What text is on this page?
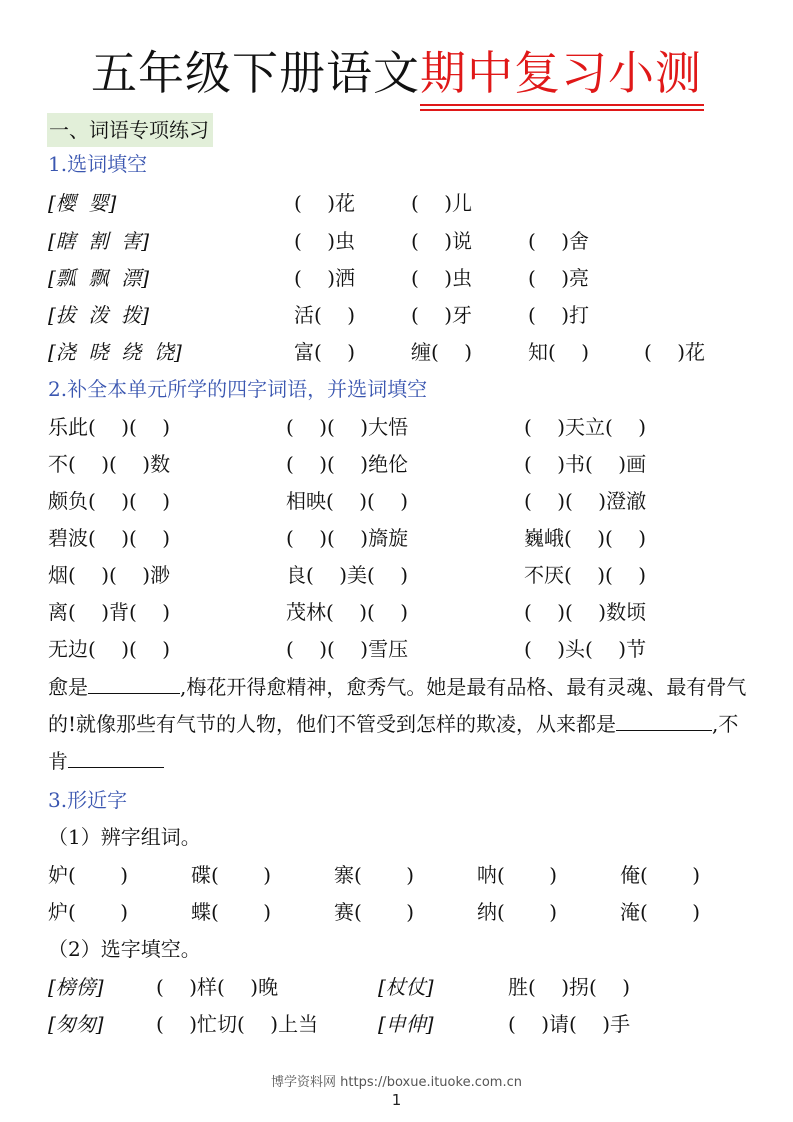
五年级下册语文期中复习小测
一、词语专项练习
1.选词填空
[樱  婴]	(    )花	(    )儿
[瞎  割  害]	(    )虫	(    )说	(    )舍
[瓢  飘  漂]	(    )洒	(    )虫	(    )亮
[拔  泼  拨]	活(    )	(    )牙	(    )打
[浇  晓  绕  饶]	富(    )	缠(    )	知(    )	(    )花
2.补全本单元所学的四字词语，并选词填空
乐此(    )(    )	(    )(    )大悟	(    )天立(    )
不(    )(    )数	(    )(    )绝伦	(    )书(    )画
颇负(    )(    )	相映(    )(    )	(    )(    )澄澈
碧波(    )(    )	(    )(    )旖旋	巍峨(    )(    )
烟(    )(    )渺	良(    )美(    )	不厌(    )(    )
离(    )背(    )	茂林(    )(    )	(    )(    )数顷
无边(    )(    )	(    )(    )雪压	(    )头(    )节
愈是	,梅花开得愈精神，愈秀气。她是最有品格、最有灵魂、最有骨气的!就像那些有气节的人物，他们不管受到怎样的欺凌，从来都是	,不肯
3.形近字
（1）辨字组词。
妒(       )	碟(       )	寨(       )	呐(       )	俺(       )
炉(       )	蝶(       )	赛(       )	纳(       )	淹(       )
（2）选字填空。
[榜傍]	(    )样(    )晚	[杖仗]	胜(    )拐(    )
[匆匆]	(    )忙切(    )上当	[申伸]	(    )请(    )手
博学资料网 https://boxue.ituoke.com.cn
1
